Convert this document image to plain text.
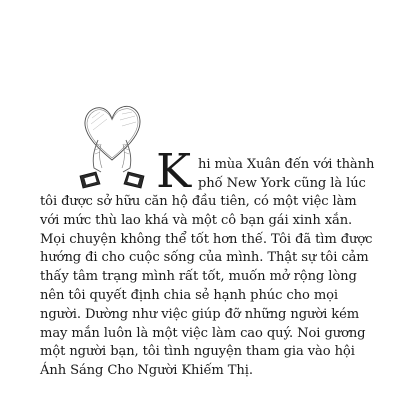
K hi mùa Xuân đến với thành
phố New York cũng là lúc
tôi được sở hữu căn hộ đầu tiên, có một việc làm
với mức thù lao khá và một cô bạn gái xinh xắn.
Mọi chuyện không thể tốt hơn thế. Tôi đã tìm được
hướng đi cho cuộc sống của mình. Thật sự tôi cảm
thấy tâm trạng mình rất tốt, muốn mở rộng lòng
nên tôi quyết định chia sẻ hạnh phúc cho mọi
người. Dường như việc giúp đỡ những người kém
may mắn luôn là một việc làm cao quý. Noi gương
một người bạn, tôi tình nguyện tham gia vào hội
Ánh Sáng Cho Người Khiếm Thị.
